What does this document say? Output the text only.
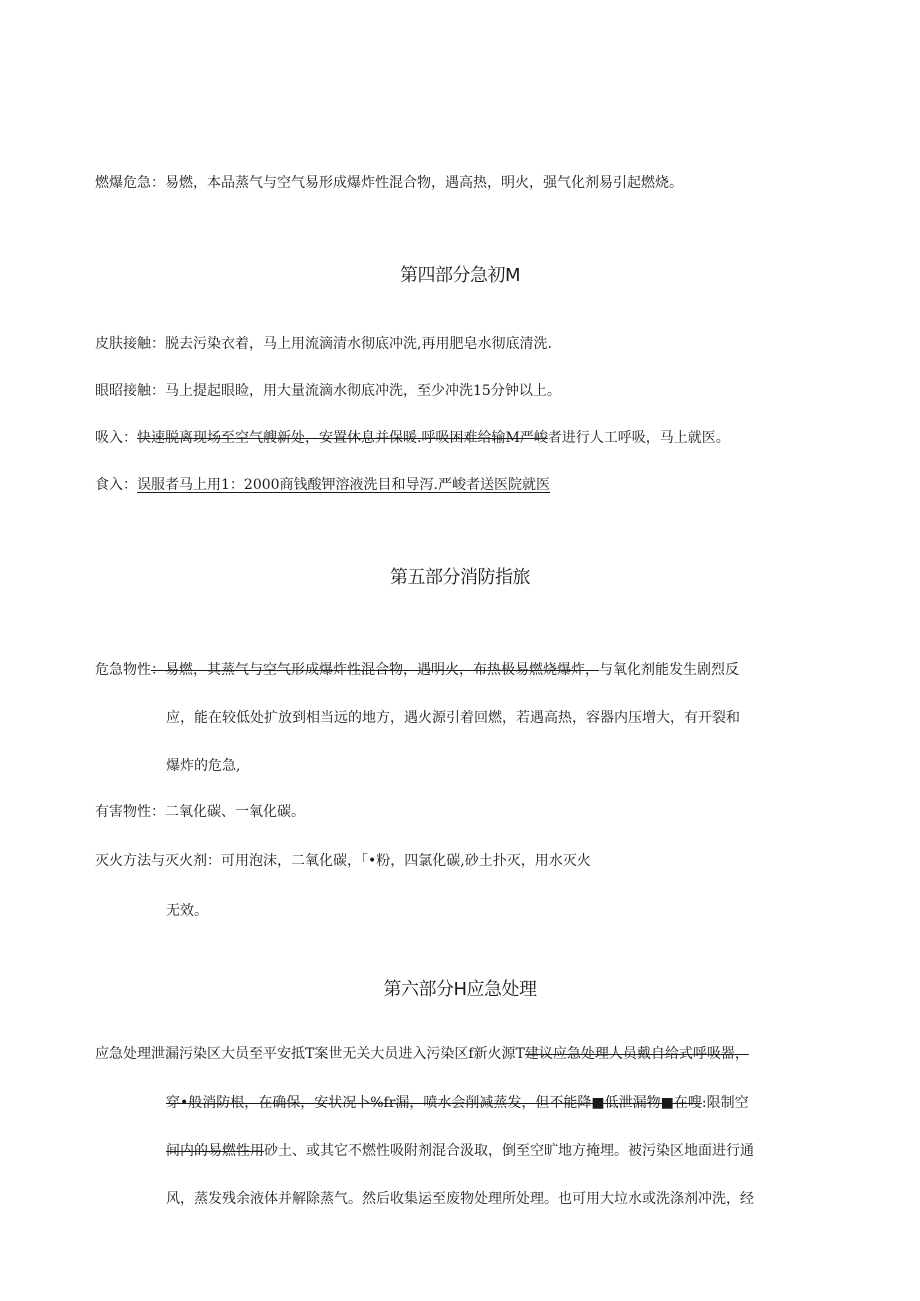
燃爆危急：易燃，本品蒸气与空气易形成爆炸性混合物，遇高热，明火，强气化剂易引起燃烧。
第四部分急初M
皮肤接触：脱去污染衣着，马上用流滴清水彻底冲洗,再用肥皂水彻底清洗.
眼昭接触：马上提起眼睑，用大量流滴水彻底冲洗，至少冲洗15分钟以上。
吸入：快速脱离现场至空气艘新处，安置休息并保暖.呼吸困难给输M严峻者进行人工呼吸，马上就医。
食入：误服者马上用1：2000商钱酸钾溶液洗目和导泻.严峻者送医院就医
第五部分消防指旅
危急物性：易燃，其蒸气与空气形成爆炸性混合物，遇明火，布热极易燃烧爆炸，与氧化剂能发生剧烈反
应，能在较低处扩放到相当远的地方，遇火源引着回燃，若遇高热，容器内压增大，有开裂和
爆炸的危急,
有害物性：二氧化碳、一氧化碳。
灭火方法与灭火剂：可用泡沫，二氧化碳，「•粉，四氯化碳,砂土扑灭，用水灭火
无效。
第六部分H应急处理
应急处理泄漏污染区大员至平安抵T案世无关大员进入污染区f新火源T建议应急处理人员戴自给式呼吸器，
穿•般消防根，在确保，安状况卜%fr漏，喷水会削减蒸发，但不能降■低泄漏物■在嗖:限制空
间内的易燃性用砂土、或其它不燃性吸附剂混合汲取，倒至空旷地方掩埋。被污染区地面进行通
风，蒸发残余液体并解除蒸气。然后收集运至废物处理所处理。也可用大垃水或洗涤剂冲洗，经
